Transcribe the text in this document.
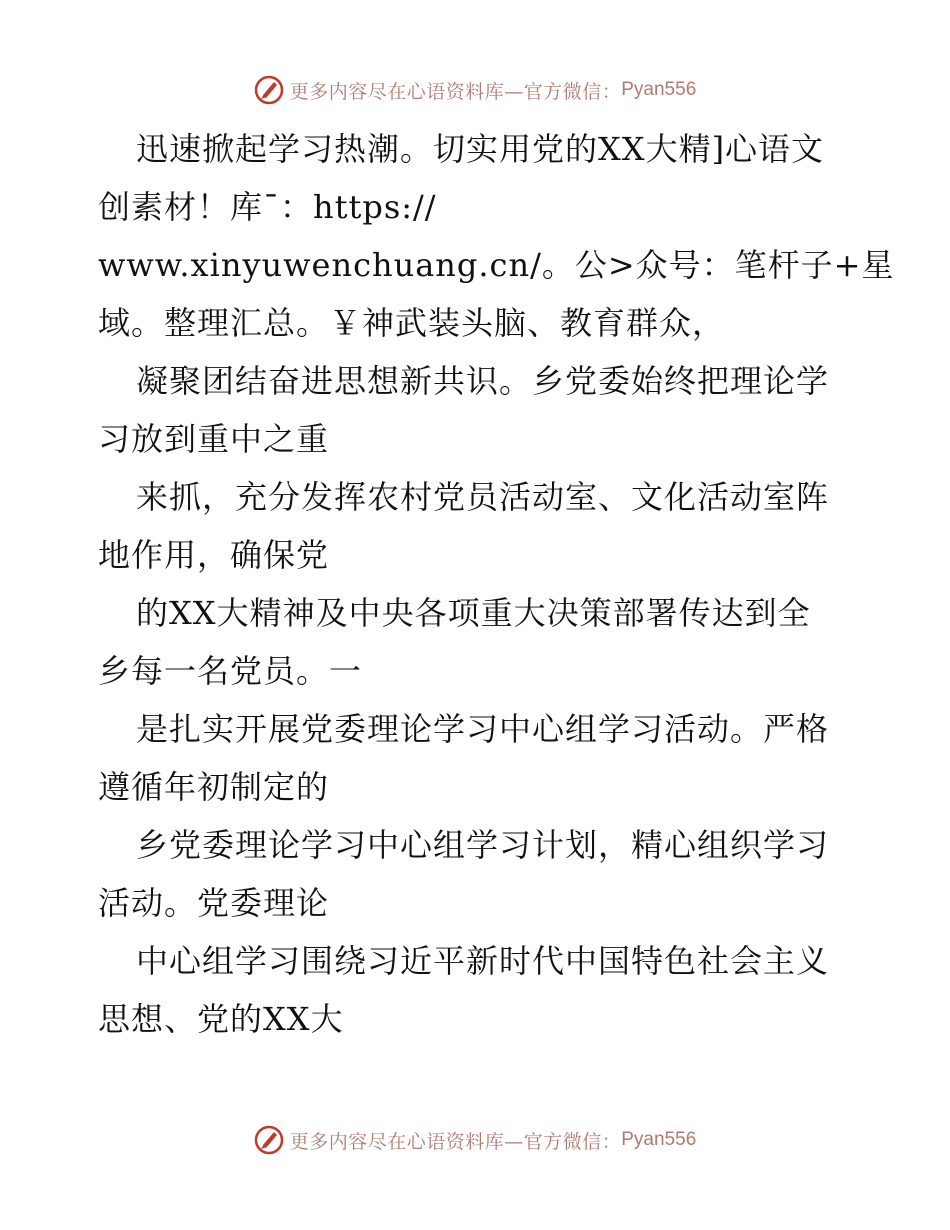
更多内容尽在心语资料库—官方微信： Pyan556
迅速掀起学习热潮。切实用党的XX大精]心语文
创素材！库¯：https://
www.xinyuwenchuang.cn/。公>众号：笔杆子+星
域。整理汇总。￥神武装头脑、教育群众，
凝聚团结奋进思想新共识。乡党委始终把理论学
习放到重中之重
来抓，充分发挥农村党员活动室、文化活动室阵
地作用，确保党
的XX大精神及中央各项重大决策部署传达到全
乡每一名党员。一
是扎实开展党委理论学习中心组学习活动。严格
遵循年初制定的
乡党委理论学习中心组学习计划，精心组织学习
活动。党委理论
中心组学习围绕习近平新时代中国特色社会主义
思想、党的XX大
更多内容尽在心语资料库—官方微信： Pyan556
